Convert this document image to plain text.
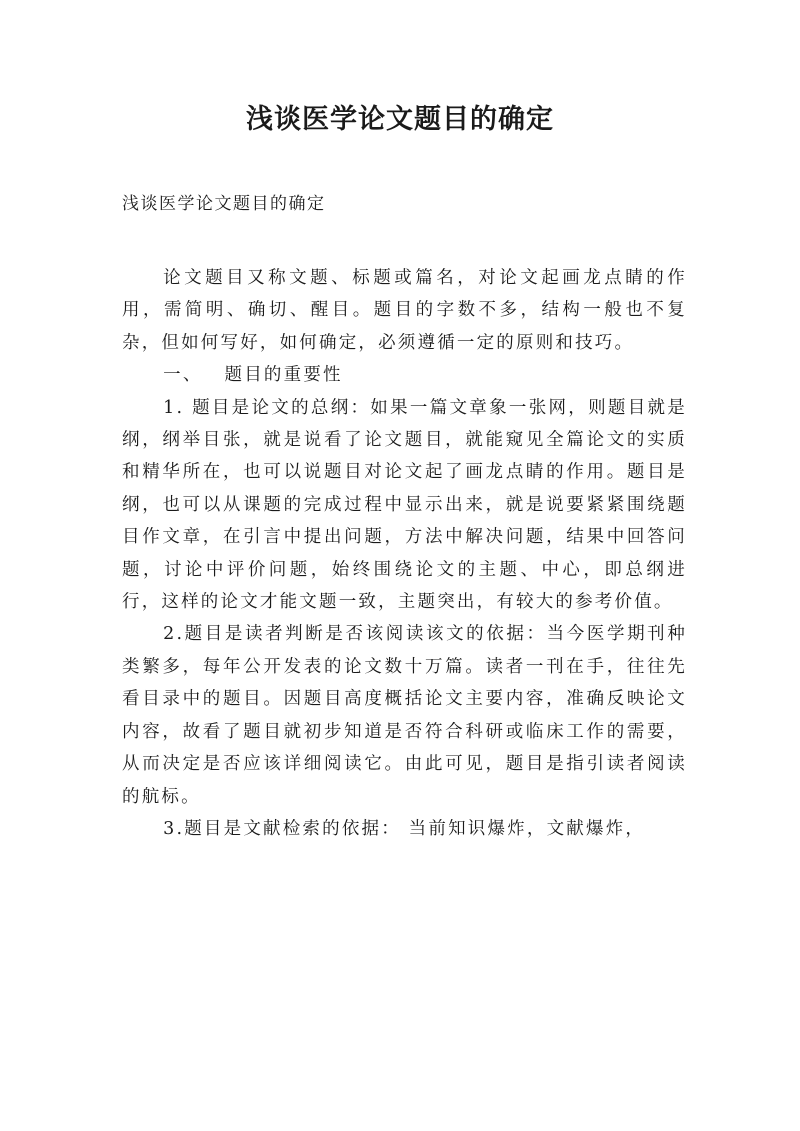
浅谈医学论文题目的确定

浅谈医学论文题目的确定

论文题目又称文题、标题或篇名，对论文起画龙点睛的作用，需简明、确切、醒目。题目的字数不多，结构一般也不复杂，但如何写好，如何确定，必须遵循一定的原则和技巧。

一、 题目的重要性

1. 题目是论文的总纲：如果一篇文章象一张网，则题目就是纲，纲举目张，就是说看了论文题目，就能窥见全篇论文的实质和精华所在，也可以说题目对论文起了画龙点睛的作用。题目是纲，也可以从课题的完成过程中显示出来，就是说要紧紧围绕题目作文章，在引言中提出问题，方法中解决问题，结果中回答问题，讨论中评价问题，始终围绕论文的主题、中心，即总纲进行，这样的论文才能文题一致，主题突出，有较大的参考价值。

2.题目是读者判断是否该阅读该文的依据：当今医学期刊种类繁多，每年公开发表的论文数十万篇。读者一刊在手，往往先看目录中的题目。因题目高度概括论文主要内容，准确反映论文内容，故看了题目就初步知道是否符合科研或临床工作的需要，从而决定是否应该详细阅读它。由此可见，题目是指引读者阅读的航标。

3.题目是文献检索的依据： 当前知识爆炸，文献爆炸，
